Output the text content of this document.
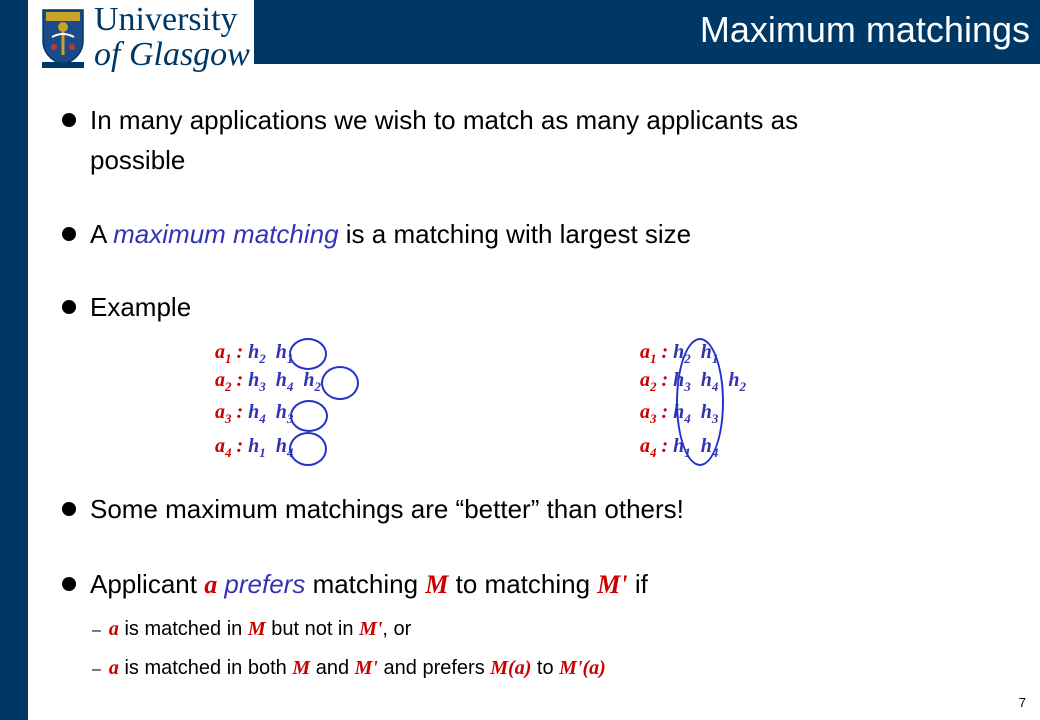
University
of Glasgow
Maximum matchings
In many applications we wish to match as many applicants as
possible
A maximum matching is a matching with largest size
Example
$a_1$ : $h_2$ $h_1$
$a_2$ : $h_3$ $h_4$ $h_2$
$a_3$ : $h_4$ $h_3$
$a_4$ : $h_1$ $h_4$
$a_1$ : $h_2$ $h_1$
$a_2$ : $h_3$ $h_4$ $h_2$
$a_3$ : $h_4$ $h_3$
$a_4$ : $h_1$ $h_4$
Some maximum matchings are “better” than others!
Applicant a prefers matching M to matching M' if
– a is matched in M but not in M', or
– a is matched in both M and M' and prefers M(a) to M'(a)
7
